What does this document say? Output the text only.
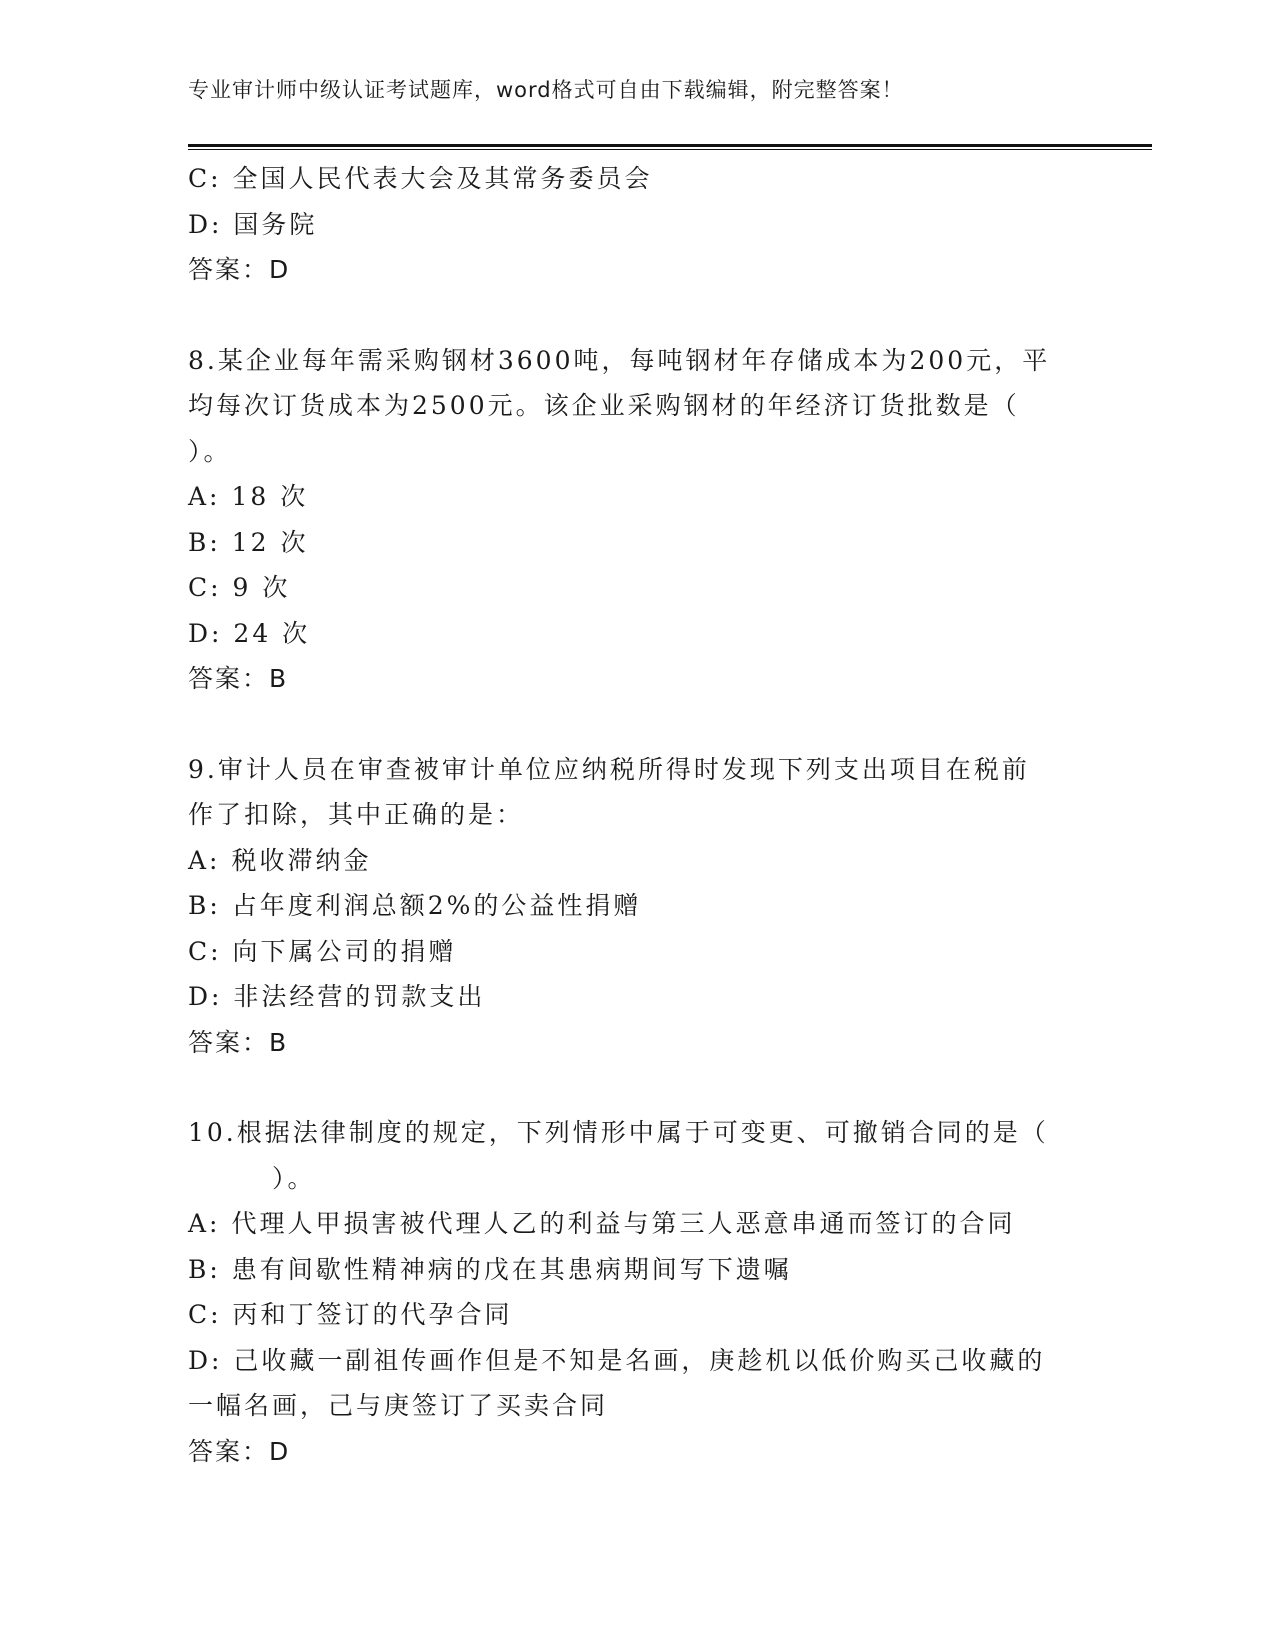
专业审计师中级认证考试题库，word格式可自由下载编辑，附完整答案！
C: 全国人民代表大会及其常务委员会
D: 国务院
答案：D
8.某企业每年需采购钢材3600吨，每吨钢材年存储成本为200元，平
均每次订货成本为2500元。该企业采购钢材的年经济订货批数是（
）。
A: 18 次
B: 12 次
C: 9 次
D: 24 次
答案：B
9.审计人员在审查被审计单位应纳税所得时发现下列支出项目在税前
作了扣除，其中正确的是：
A: 税收滞纳金
B: 占年度利润总额2%的公益性捐赠
C: 向下属公司的捐赠
D: 非法经营的罚款支出
答案：B
10.根据法律制度的规定，下列情形中属于可变更、可撤销合同的是（
　　　）。
A: 代理人甲损害被代理人乙的利益与第三人恶意串通而签订的合同
B: 患有间歇性精神病的戊在其患病期间写下遗嘱
C: 丙和丁签订的代孕合同
D: 己收藏一副祖传画作但是不知是名画，庚趁机以低价购买己收藏的
一幅名画，己与庚签订了买卖合同
答案：D
